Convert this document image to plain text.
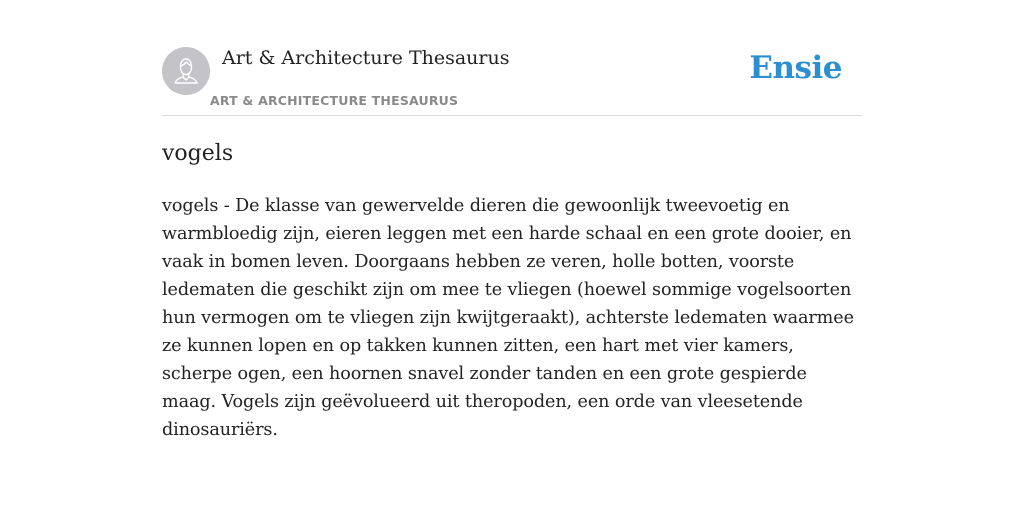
Art & Architecture Thesaurus
ART & ARCHITECTURE THESAURUS
Ensie
vogels

vogels - De klasse van gewervelde dieren die gewoonlijk tweevoetig en warmbloedig zijn, eieren leggen met een harde schaal en een grote dooier, en vaak in bomen leven. Doorgaans hebben ze veren, holle botten, voorste ledematen die geschikt zijn om mee te vliegen (hoewel sommige vogelsoorten hun vermogen om te vliegen zijn kwijtgeraakt), achterste ledematen waarmee ze kunnen lopen en op takken kunnen zitten, een hart met vier kamers, scherpe ogen, een hoornen snavel zonder tanden en een grote gespierde maag. Vogels zijn geëvolueerd uit theropoden, een orde van vleesetende dinosauriërs.
